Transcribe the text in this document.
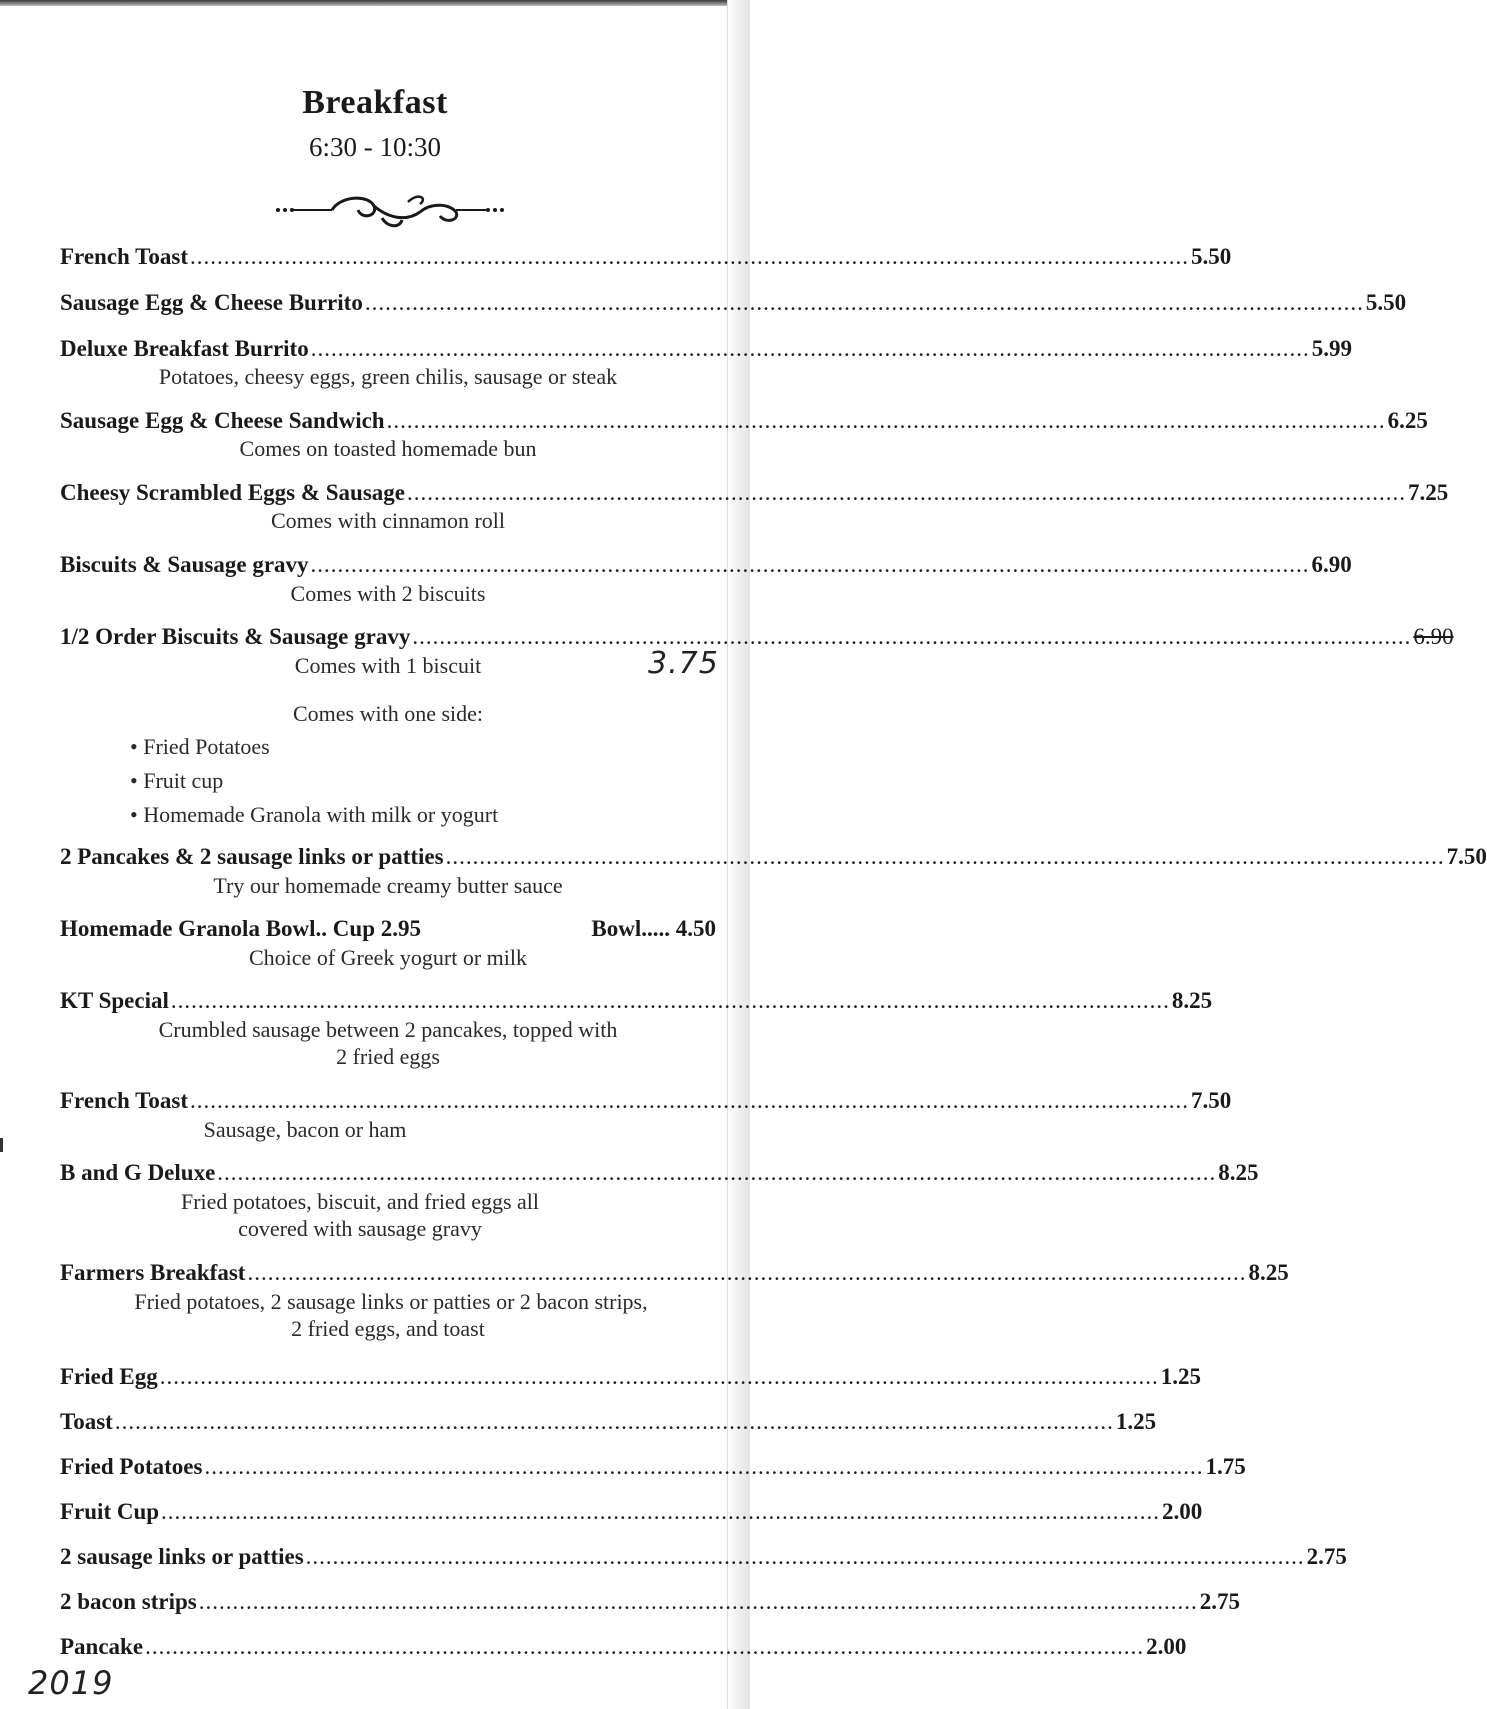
Breakfast
6:30 - 10:30
French Toast .................................................................................................................................................... 5.50
Sausage Egg & Cheese Burrito .................................................................................................................................................... 5.50
Deluxe Breakfast Burrito .................................................................................................................................................... 5.99
Potatoes, cheesy eggs, green chilis, sausage or steak
Sausage Egg & Cheese Sandwich .................................................................................................................................................... 6.25
Comes on toasted homemade bun
Cheesy Scrambled Eggs & Sausage .................................................................................................................................................... 7.25
Comes with cinnamon roll
Biscuits & Sausage gravy .................................................................................................................................................... 6.90
Comes with 2 biscuits
1/2 Order Biscuits & Sausage gravy .................................................................................................................................................... 6.90
Comes with 1 biscuit	3.75
Comes with one side:
• Fried Potatoes
• Fruit cup
• Homemade Granola with milk or yogurt
2 Pancakes & 2 sausage links or patties .................................................................................................................................................... 7.50
Try our homemade creamy butter sauce
Homemade Granola Bowl.. Cup 2.95	Bowl..... 4.50
Choice of Greek yogurt or milk
KT Special .................................................................................................................................................... 8.25
Crumbled sausage between 2 pancakes, topped with
2 fried eggs
French Toast .................................................................................................................................................... 7.50
Sausage, bacon or ham
B and G Deluxe .................................................................................................................................................... 8.25
Fried potatoes, biscuit, and fried eggs all
covered with sausage gravy
Farmers Breakfast .................................................................................................................................................... 8.25
Fried potatoes, 2 sausage links or patties or 2 bacon strips,
2 fried eggs, and toast
Fried Egg .................................................................................................................................................... 1.25
Toast .................................................................................................................................................... 1.25
Fried Potatoes .................................................................................................................................................... 1.75
Fruit Cup .................................................................................................................................................... 2.00
2 sausage links or patties .................................................................................................................................................... 2.75
2 bacon strips .................................................................................................................................................... 2.75
Pancake .................................................................................................................................................... 2.00
2019
